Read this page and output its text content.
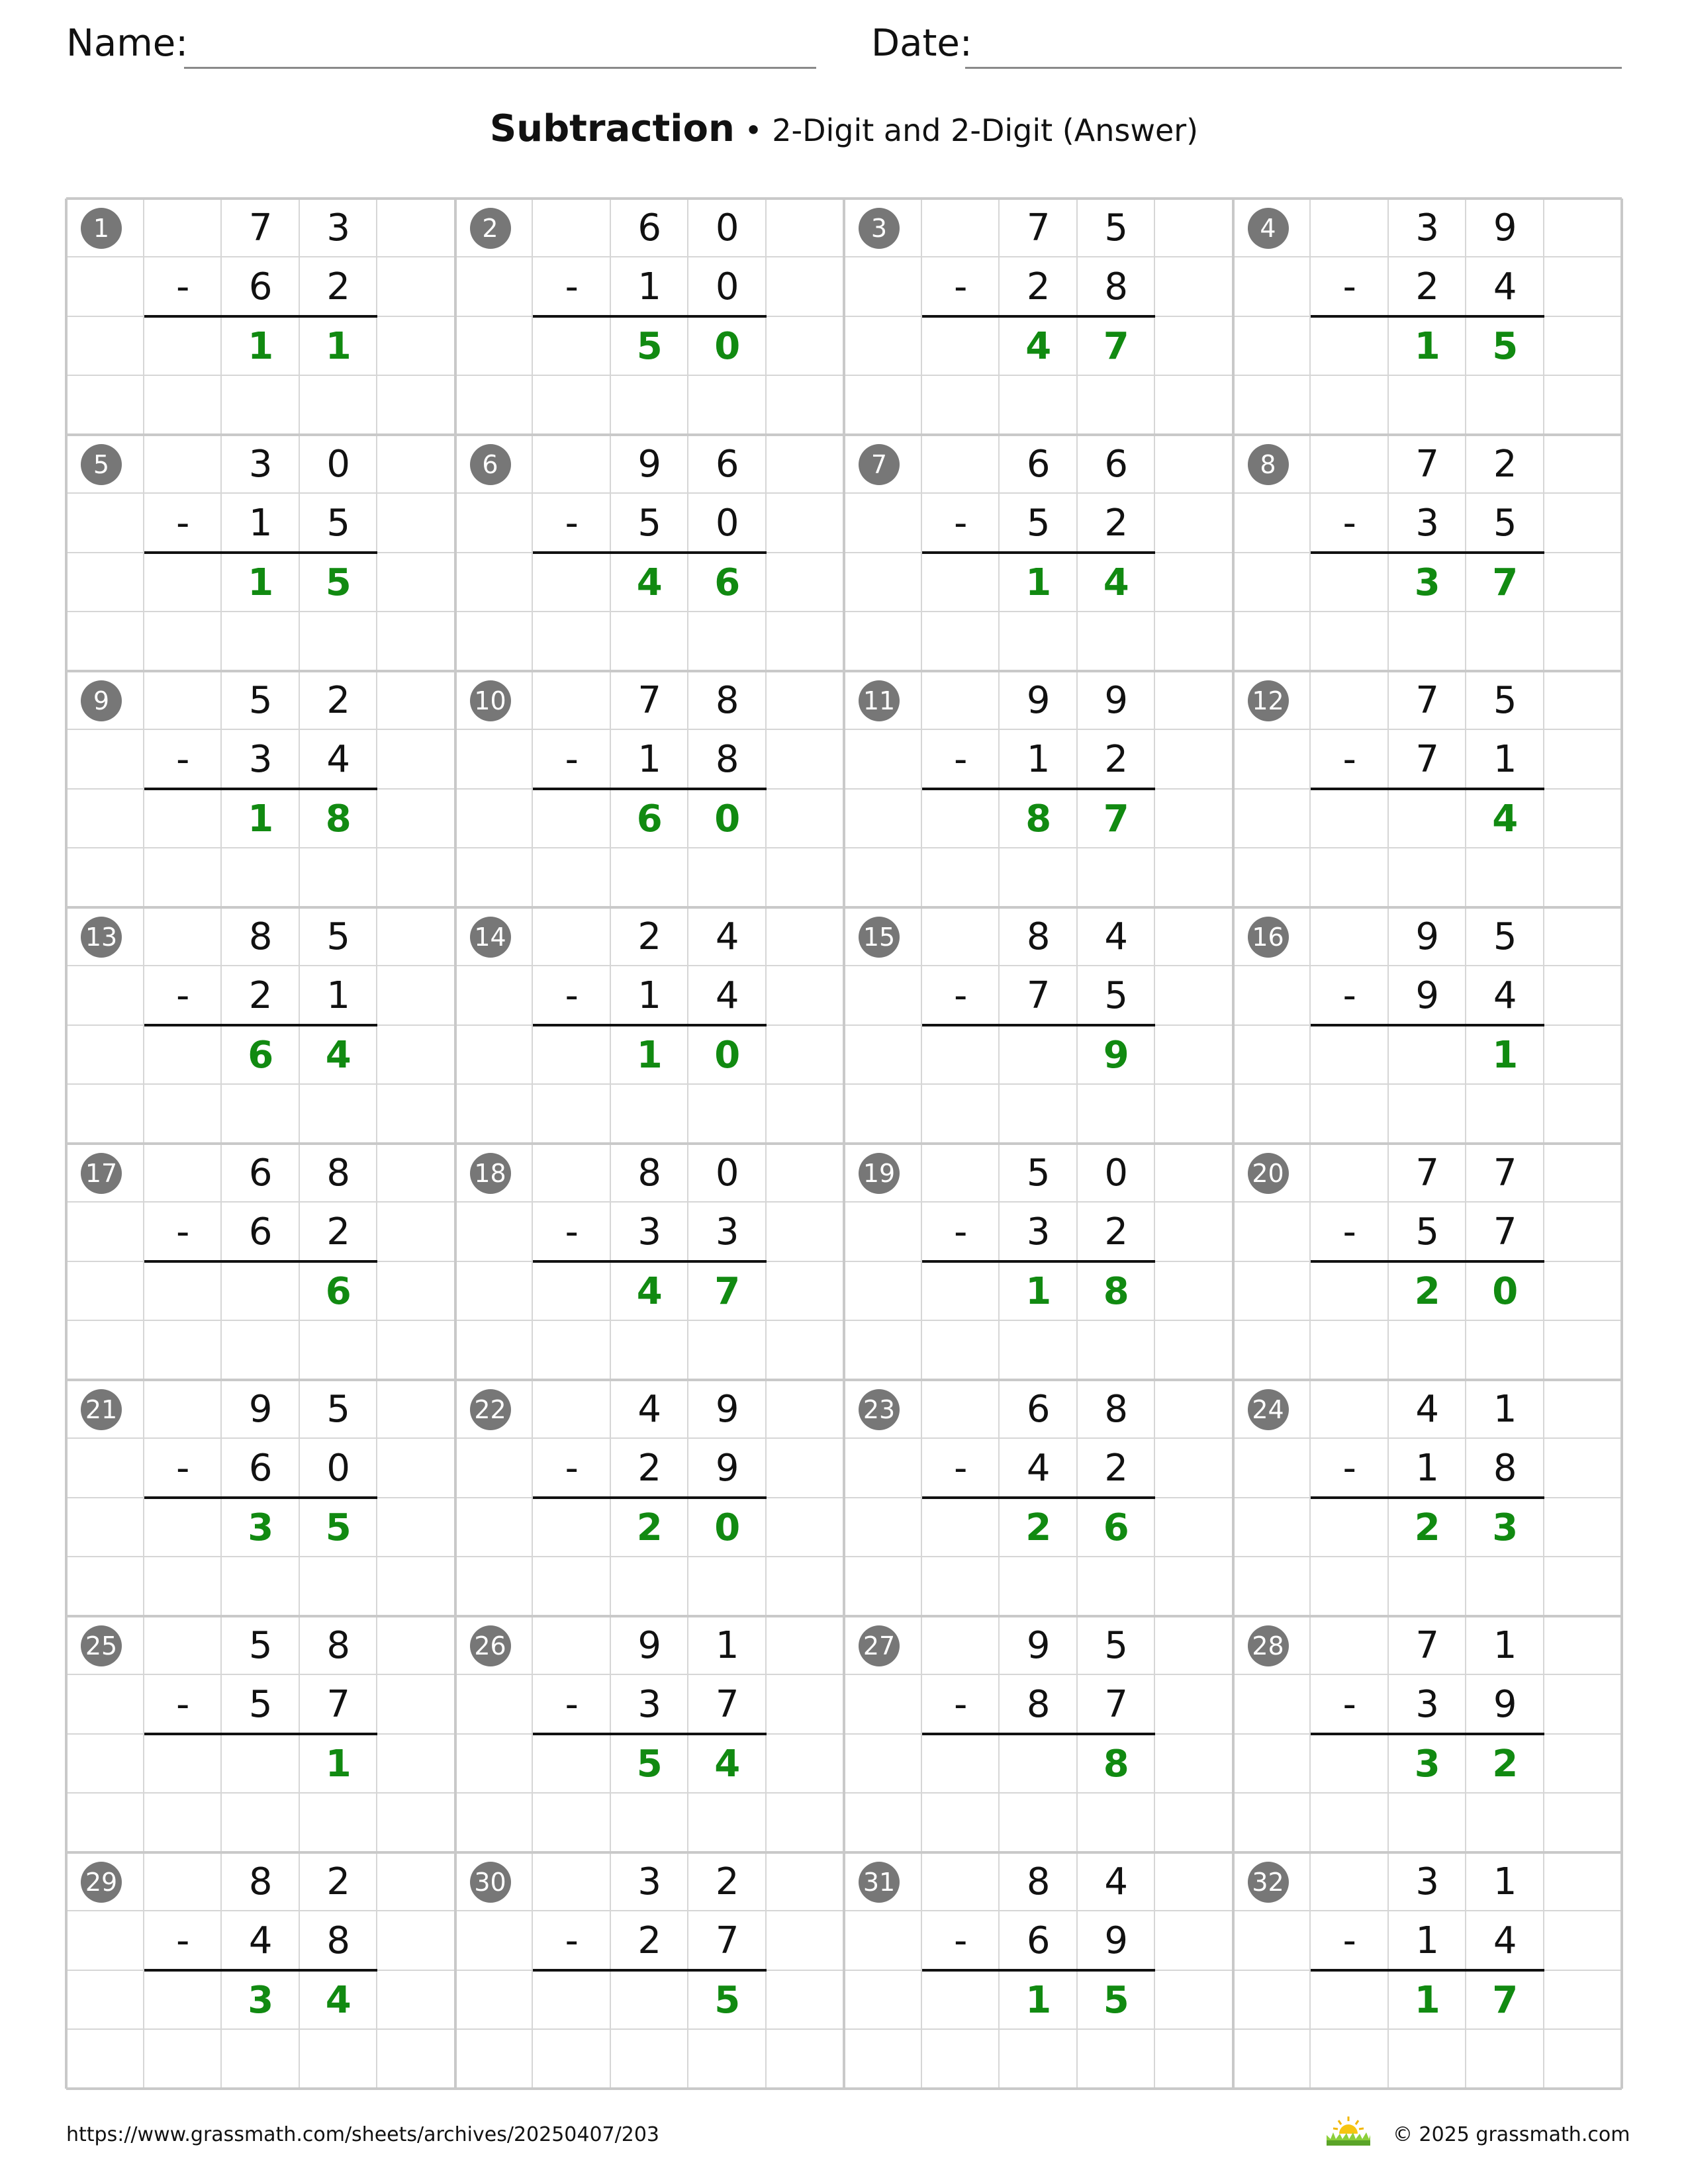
Name:	Date:
Subtraction • 2-Digit and 2-Digit (Answer)
1
-
7	3
6	2
1	1
2
-
6	0
1	0
5	0
3
-
7	5
2	8
4	7
4
-
3	9
2	4
1	5
5
-
3	0
1	5
1	5
6
-
9	6
5	0
4	6
7
-
6	6
5	2
1	4
8
-
7	2
3	5
3	7
9
-
5	2
3	4
1	8
10
-
7	8
1	8
6	0
11
-
9	9
1	2
8	7
12
-
7	5
7	1
4
13
-
8	5
2	1
6	4
14
-
2	4
1	4
1	0
15
-
8	4
7	5
9
16
-
9	5
9	4
1
17
-
6	8
6	2
6
18
-
8	0
3	3
4	7
19
-
5	0
3	2
1	8
20
-
7	7
5	7
2	0
21
-
9	5
6	0
3	5
22
-
4	9
2	9
2	0
23
-
6	8
4	2
2	6
24
-
4	1
1	8
2	3
25
-
5	8
5	7
1
26
-
9	1
3	7
5	4
27
-
9	5
8	7
8
28
-
7	1
3	9
3	2
29
-
8	2
4	8
3	4
30
-
3	2
2	7
5
31
-
8	4
6	9
1	5
32
-
3	1
1	4
1	7
https://www.grassmath.com/sheets/archives/20250407/203	© 2025 grassmath.com
